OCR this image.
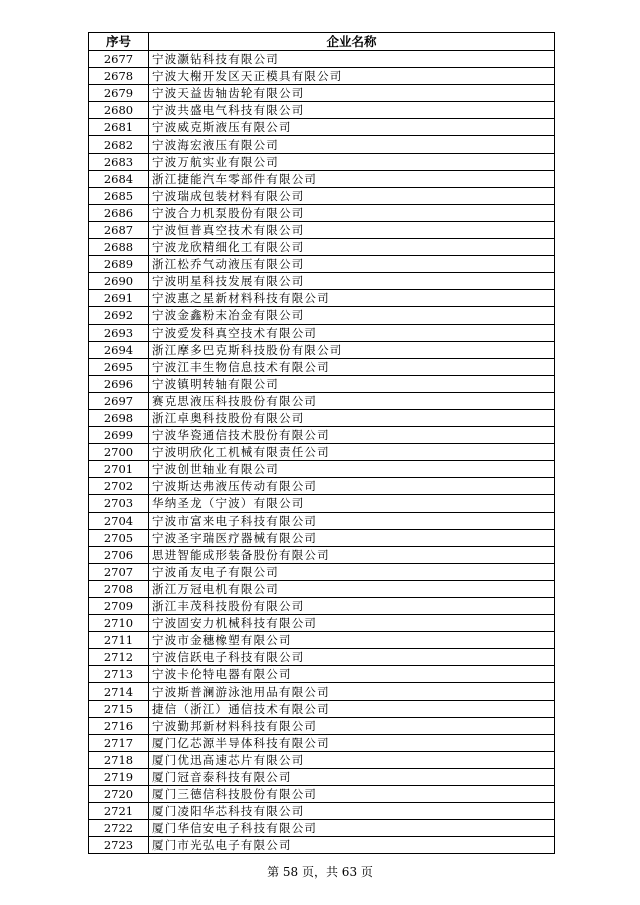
序号	企业名称
2677	宁波灏钻科技有限公司
2678	宁波大榭开发区天正模具有限公司
2679	宁波天益齿轴齿轮有限公司
2680	宁波共盛电气科技有限公司
2681	宁波威克斯液压有限公司
2682	宁波海宏液压有限公司
2683	宁波万航实业有限公司
2684	浙江捷能汽车零部件有限公司
2685	宁波瑞成包装材料有限公司
2686	宁波合力机泵股份有限公司
2687	宁波恒普真空技术有限公司
2688	宁波龙欣精细化工有限公司
2689	浙江松乔气动液压有限公司
2690	宁波明星科技发展有限公司
2691	宁波惠之星新材料科技有限公司
2692	宁波金鑫粉末冶金有限公司
2693	宁波爱发科真空技术有限公司
2694	浙江摩多巴克斯科技股份有限公司
2695	宁波江丰生物信息技术有限公司
2696	宁波镇明转轴有限公司
2697	赛克思液压科技股份有限公司
2698	浙江卓奥科技股份有限公司
2699	宁波华瓷通信技术股份有限公司
2700	宁波明欣化工机械有限责任公司
2701	宁波创世轴业有限公司
2702	宁波斯达弗液压传动有限公司
2703	华纳圣龙（宁波）有限公司
2704	宁波市富来电子科技有限公司
2705	宁波圣宇瑞医疗器械有限公司
2706	思进智能成形装备股份有限公司
2707	宁波甬友电子有限公司
2708	浙江万冠电机有限公司
2709	浙江丰茂科技股份有限公司
2710	宁波固安力机械科技有限公司
2711	宁波市金穗橡塑有限公司
2712	宁波信跃电子科技有限公司
2713	宁波卡伦特电器有限公司
2714	宁波斯普澜游泳池用品有限公司
2715	捷信（浙江）通信技术有限公司
2716	宁波勤邦新材料科技有限公司
2717	厦门亿芯源半导体科技有限公司
2718	厦门优迅高速芯片有限公司
2719	厦门冠音泰科技有限公司
2720	厦门三德信科技股份有限公司
2721	厦门凌阳华芯科技有限公司
2722	厦门华信安电子科技有限公司
2723	厦门市光弘电子有限公司
第 58 页，共 63 页
